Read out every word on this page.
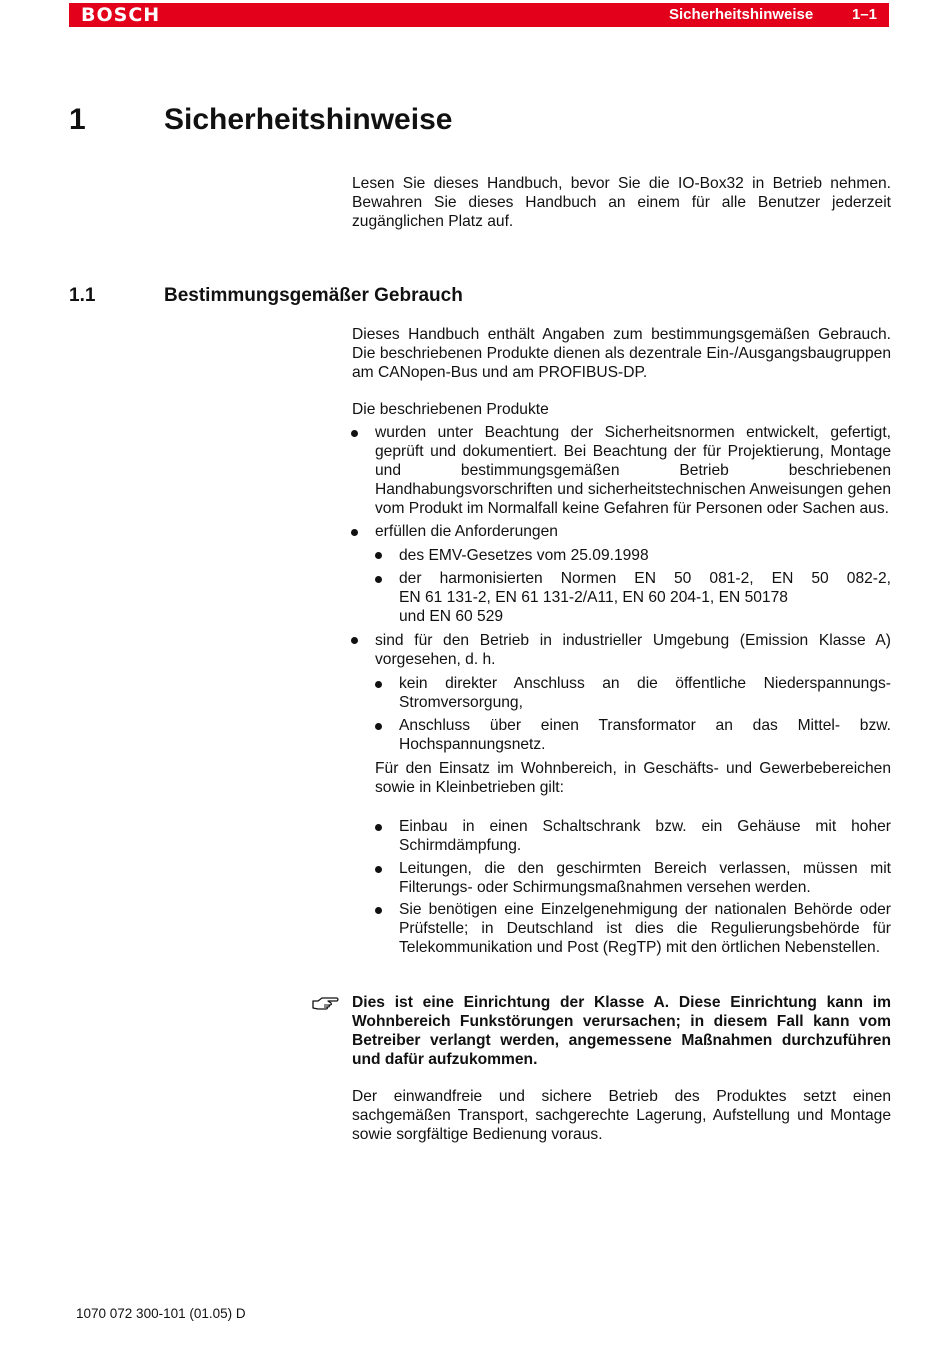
BOSCH	Sicherheitshinweise	1–1
1	Sicherheitshinweise

Lesen Sie dieses Handbuch, bevor Sie die IO-Box32 in Betrieb nehmen. Bewahren Sie dieses Handbuch an einem für alle Benutzer jederzeit zugänglichen Platz auf.

1.1	Bestimmungsgemäßer Gebrauch

Dieses Handbuch enthält Angaben zum bestimmungsgemäßen Gebrauch. Die beschriebenen Produkte dienen als dezentrale Ein-/Ausgangsbaugruppen am CANopen-Bus und am PROFIBUS-DP.

Die beschriebenen Produkte

wurden unter Beachtung der Sicherheitsnormen entwickelt, gefertigt, geprüft und dokumentiert. Bei Beachtung der für Projektierung, Montage und bestimmungsgemäßen Betrieb beschriebenen Handhabungsvorschriften und sicherheitstechnischen Anweisungen gehen vom Produkt im Normalfall keine Gefahren für Personen oder Sachen aus.

erfüllen die Anforderungen

des EMV-Gesetzes vom 25.09.1998

der harmonisierten Normen EN 50 081-2, EN 50 082-2,
EN 61 131-2, EN 61 131-2/A11, EN 60 204-1, EN 50178
und EN 60 529

sind für den Betrieb in industrieller Umgebung (Emission Klasse A) vorgesehen, d. h.

kein direkter Anschluss an die öffentliche Niederspannungs-Stromversorgung,

Anschluss über einen Transformator an das Mittel- bzw. Hochspannungsnetz.

Für den Einsatz im Wohnbereich, in Geschäfts- und Gewerbebereichen sowie in Kleinbetrieben gilt:

Einbau in einen Schaltschrank bzw. ein Gehäuse mit hoher Schirmdämpfung.

Leitungen, die den geschirmten Bereich verlassen, müssen mit Filterungs- oder Schirmungsmaßnahmen versehen werden.

Sie benötigen eine Einzelgenehmigung der nationalen Behörde oder Prüfstelle; in Deutschland ist dies die Regulierungsbehörde für Telekommunikation und Post (RegTP) mit den örtlichen Nebenstellen.

Dies ist eine Einrichtung der Klasse A. Diese Einrichtung kann im Wohnbereich Funkstörungen verursachen; in diesem Fall kann vom Betreiber verlangt werden, angemessene Maßnahmen durchzuführen und dafür aufzukommen.

Der einwandfreie und sichere Betrieb des Produktes setzt einen sachgemäßen Transport, sachgerechte Lagerung, Aufstellung und Montage sowie sorgfältige Bedienung voraus.

1070 072 300-101 (01.05) D
